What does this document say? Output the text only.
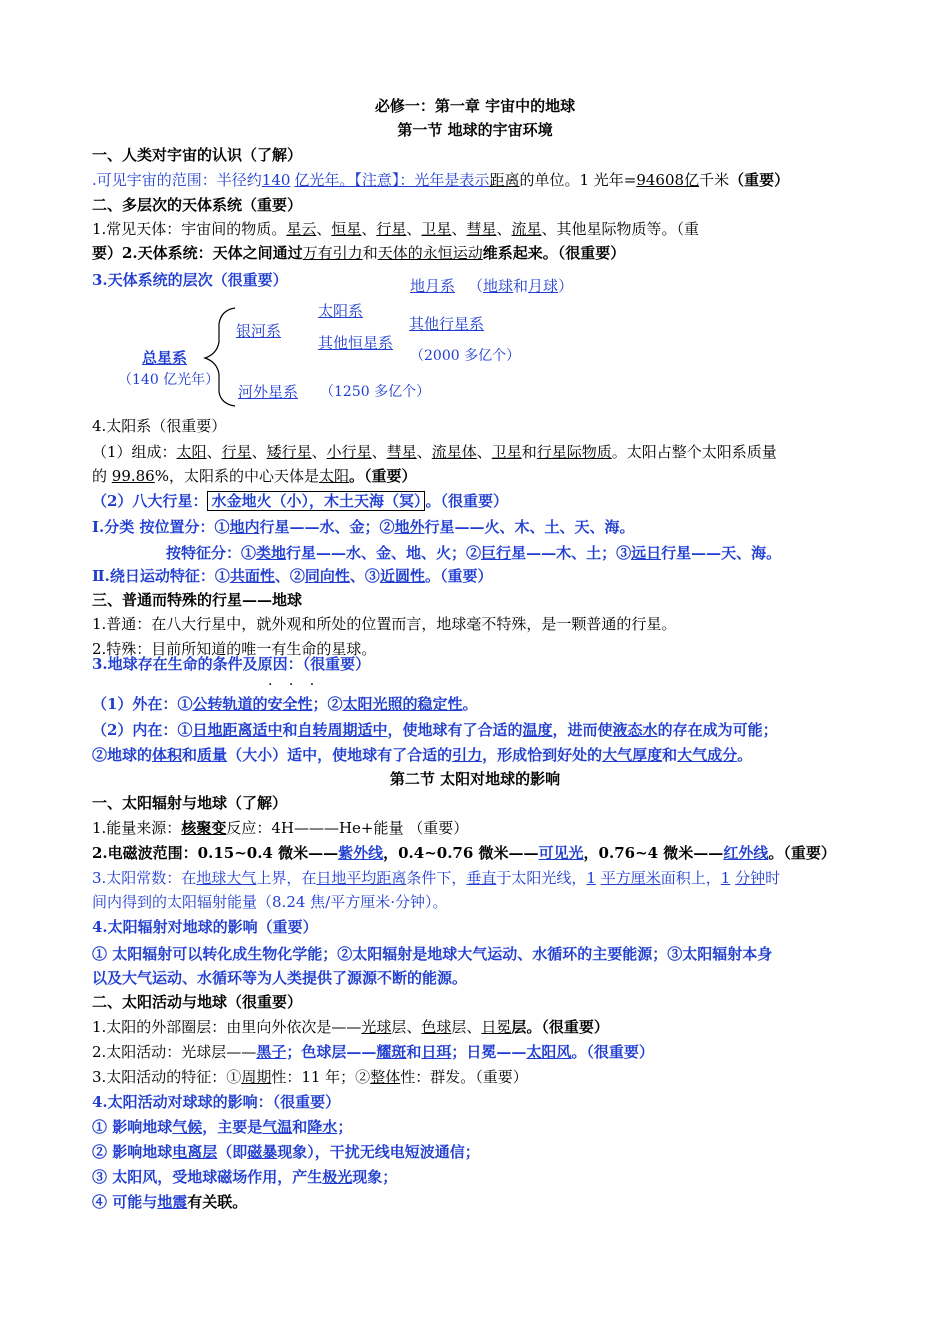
必修一：第一章 宇宙中的地球
第一节 地球的宇宙环境
一、人类对宇宙的认识（了解）
.可见宇宙的范围：半径约140 亿光年。【注意】：光年是表示距离的单位。1 光年=94608亿千米（重要）
二、多层次的天体系统（重要）
1.常见天体：宇宙间的物质。星云、恒星、行星、卫星、彗星、流星、其他星际物质等。（重
要）2.天体系统：天体之间通过万有引力和天体的永恒运动维系起来。（很重要）
3.天体系统的层次（很重要）	地月系 （地球和月球）
太阳系
其他行星系
银河系
其他恒星系
（2000 多亿个）
总星系
（140 亿光年）
河外星系 （1250 多亿个）
4.太阳系（很重要）
（1）组成：太阳、行星、矮行星、小行星、彗星、流星体、卫星和行星际物质。太阳占整个太阳系质量
的 99.86%，太阳系的中心天体是太阳。（重要）
（2）八大行星： 水金地火（小），木土天海（冥） 。（很重要）
Ⅰ.分类 按位置分：①地内行星——水、金；②地外行星——火、木、土、天、海。
按特征分：①类地行星——水、金、地、火；②巨行星——木、土；③远日行星——天、海。
Ⅱ.绕日运动特征：①共面性、②同向性、③近圆性。（重要）
三、普通而特殊的行星——地球
1.普通：在八大行星中，就外观和所处的位置而言，地球毫不特殊，是一颗普通的行星。
2.特殊：目前所知道的唯一有生命的星球。
3.地球存在生命的条件及原因：（很重要）
· · ·
（1）外在：①公转轨道的安全性；②太阳光照的稳定性。
（2）内在：①日地距离适中和自转周期适中，使地球有了合适的温度，进而使液态水的存在成为可能；
②地球的体积和质量（大小）适中，使地球有了合适的引力，形成恰到好处的大气厚度和大气成分。
第二节 太阳对地球的影响
一、太阳辐射与地球（了解）
1.能量来源：核聚变反应：4H———He+能量 （重要）
2.电磁波范围：0.15~0.4 微米——紫外线，0.4~0.76 微米——可见光，0.76~4 微米——红外线。（重要）
3.太阳常数：在地球大气上界，在日地平均距离条件下，垂直于太阳光线，1 平方厘米面积上，1 分钟时
间内得到的太阳辐射能量（8.24 焦/平方厘米·分钟）。
4.太阳辐射对地球的影响（重要）
① 太阳辐射可以转化成生物化学能；②太阳辐射是地球大气运动、水循环的主要能源；③太阳辐射本身
以及大气运动、水循环等为人类提供了源源不断的能源。
二、太阳活动与地球（很重要）
1.太阳的外部圈层：由里向外依次是——光球层、色球层、日冕层。（很重要）
2.太阳活动：光球层——黑子；色球层——耀斑和日珥；日冕——太阳风。（很重要）
3.太阳活动的特征：①周期性：11 年；②整体性：群发。（重要）
4.太阳活动对球球的影响：（很重要）
① 影响地球气候，主要是气温和降水；
② 影响地球电离层（即磁暴现象），干扰无线电短波通信；
③ 太阳风，受地球磁场作用，产生极光现象；
④ 可能与地震有关联。
